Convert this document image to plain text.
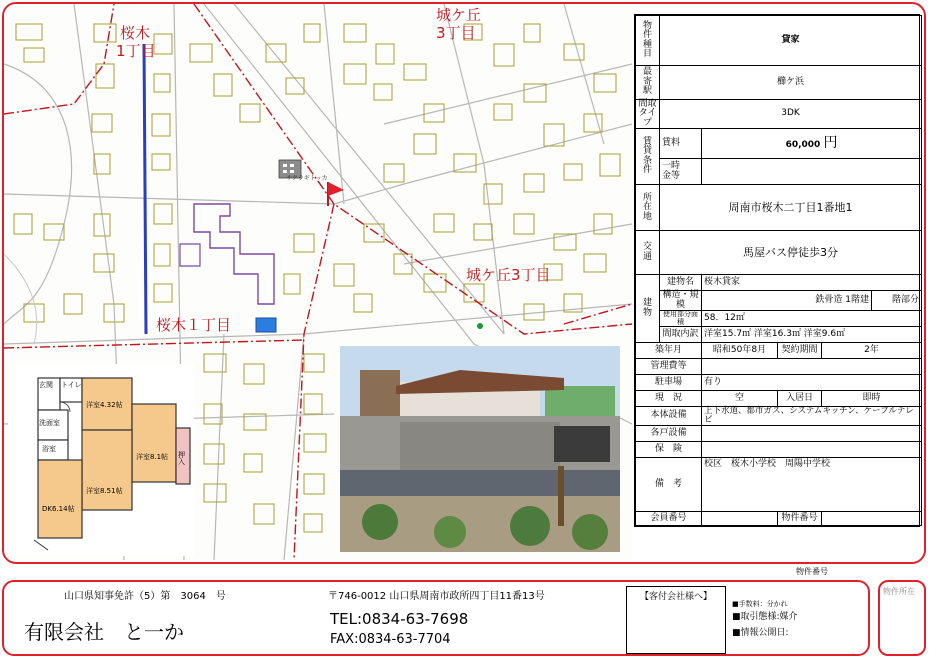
桜木
1丁目
城ケ丘
3丁目
城ケ丘3丁目
桜木１丁目
サクラギトッカ
玄関 トイレ
洋室4.32帖
洋室8.1帖 押入
洗面室
浴室
洋室8.51帖
DK6.14帖
物
件
種
目	貸家				

最
寄
駅	櫛ケ浜				

間取
タイプ	3DK				

賃
貸
条
件	賃料	60,000 円			
	一時
金等				

所
在
地	周南市桜木二丁目1番地1				

交
通	馬屋バス停徒歩3分				

建
物	建物名	桜木貸家			
	構造・規模	鉄骨造 1階建			階部分
	使用部分面積	58．12㎡			
	間取内訳	洋室15.7㎡ 洋室16.3㎡ 洋室9.6㎡			
築年月		昭和50年8月	契約期間	2年	
管理費等					
駐車場		有り			
現　況		空	入居日	即時	
本体設備		上下水道、都市ガス、システムキッチン、ケーブルテレビ			
各戸設備					
保　険					
備　考		校区　桜木小学校　周陽中学校			
会員番号			物件番号		
物件番号
山口県知事免許（5）第　3064　号
有限会社　と一か
〒746-0012 山口県周南市政所四丁目11番13号
TEL:0834-63-7698
FAX:0834-63-7704
【客付会社様へ】
■手数料：分かれ
■取引態様:媒介
■情報公開日:
物件所在
